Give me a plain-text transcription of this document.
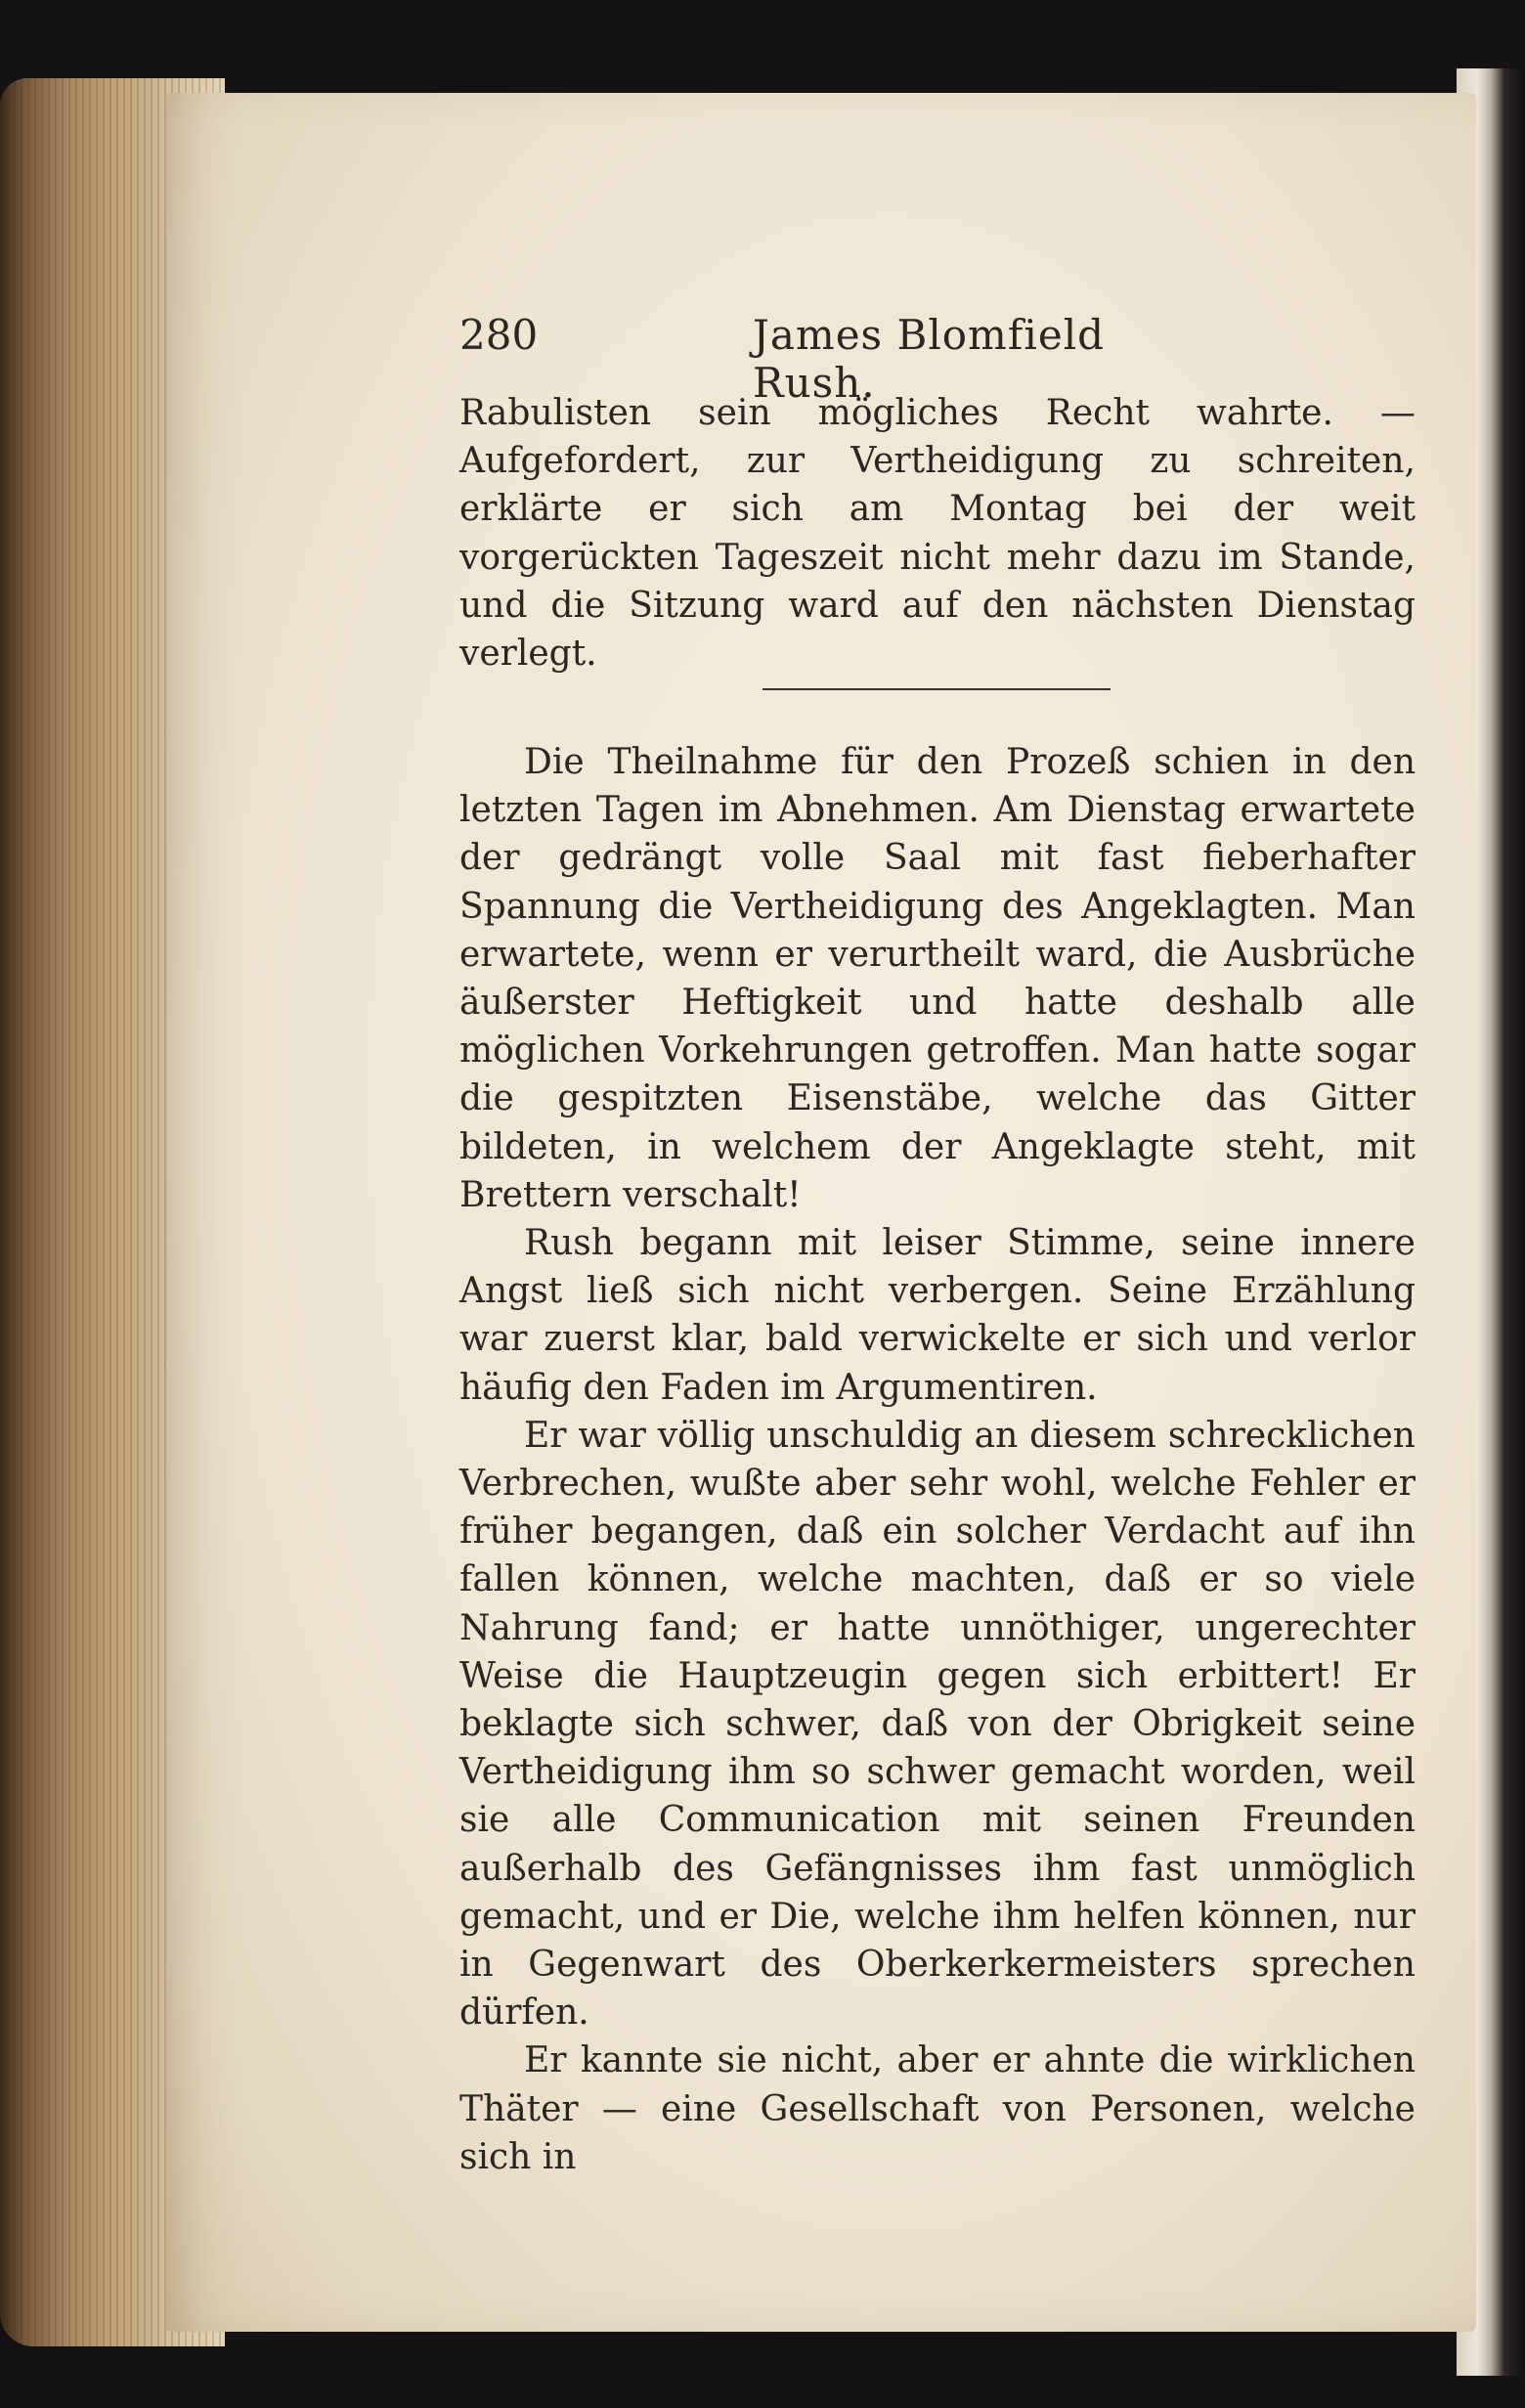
280	James Blomfield Rush.

Rabulisten sein mögliches Recht wahrte. — Aufgefordert, zur Vertheidigung zu schreiten, erklärte er sich am Montag bei der weit vorgerückten Tageszeit nicht mehr dazu im Stande, und die Sitzung ward auf den nächsten Dienstag verlegt.

Die Theilnahme für den Prozeß schien in den letzten Tagen im Abnehmen. Am Dienstag erwartete der gedrängt volle Saal mit fast fieberhafter Spannung die Vertheidigung des Angeklagten. Man erwartete, wenn er verurtheilt ward, die Ausbrüche äußerster Heftigkeit und hatte deshalb alle möglichen Vorkehrungen getroffen. Man hatte sogar die gespitzten Eisenstäbe, welche das Gitter bildeten, in welchem der Angeklagte steht, mit Brettern verschalt!

Rush begann mit leiser Stimme, seine innere Angst ließ sich nicht verbergen. Seine Erzählung war zuerst klar, bald verwickelte er sich und verlor häufig den Faden im Argumentiren.

Er war völlig unschuldig an diesem schrecklichen Verbrechen, wußte aber sehr wohl, welche Fehler er früher begangen, daß ein solcher Verdacht auf ihn fallen können, welche machten, daß er so viele Nahrung fand; er hatte unnöthiger, ungerechter Weise die Hauptzeugin gegen sich erbittert! Er beklagte sich schwer, daß von der Obrigkeit seine Vertheidigung ihm so schwer gemacht worden, weil sie alle Communication mit seinen Freunden außerhalb des Gefängnisses ihm fast unmöglich gemacht, und er Die, welche ihm helfen können, nur in Gegenwart des Oberkerkermeisters sprechen dürfen.

Er kannte sie nicht, aber er ahnte die wirklichen Thäter — eine Gesellschaft von Personen, welche sich in
